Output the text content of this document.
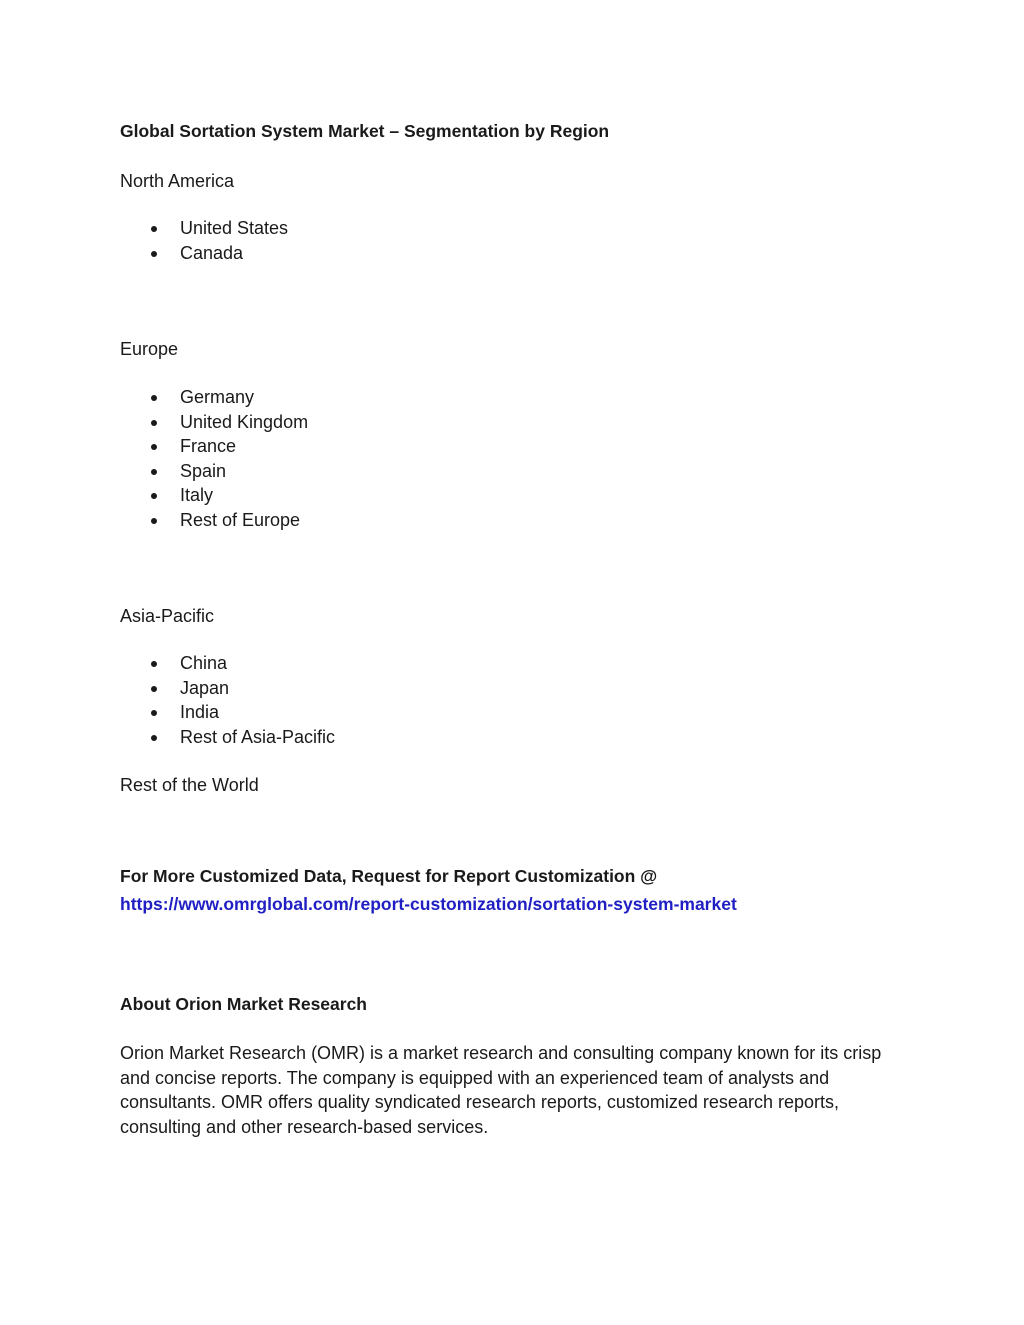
Global Sortation System Market – Segmentation by Region
North America
United States
Canada
Europe
Germany
United Kingdom
France
Spain
Italy
Rest of Europe
Asia-Pacific
China
Japan
India
Rest of Asia-Pacific
Rest of the World
For More Customized Data, Request for Report Customization @
https://www.omrglobal.com/report-customization/sortation-system-market
About Orion Market Research
Orion Market Research (OMR) is a market research and consulting company known for its crisp and concise reports. The company is equipped with an experienced team of analysts and consultants. OMR offers quality syndicated research reports, customized research reports, consulting and other research-based services.
